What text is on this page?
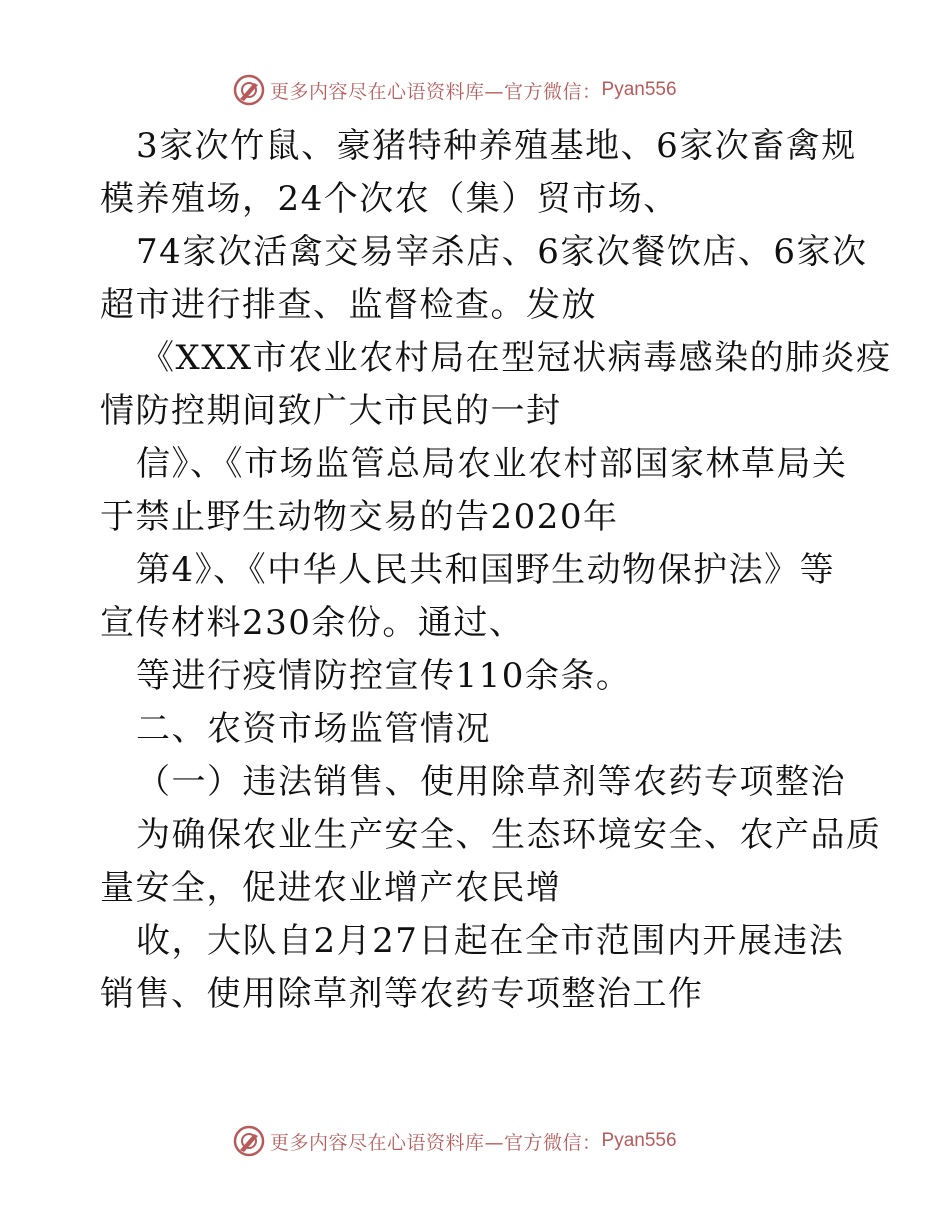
更多内容尽在心语资料库—官方微信： Pyan556
3家次竹鼠、豪猪特种养殖基地、6家次畜禽规
模养殖场，24个次农（集）贸市场、
74家次活禽交易宰杀店、6家次餐饮店、6家次
超市进行排查、监督检查。发放
《XXX市农业农村局在型冠状病毒感染的肺炎疫
情防控期间致广大市民的一封
信》、《市场监管总局农业农村部国家林草局关
于禁止野生动物交易的告2020年
第4》、《中华人民共和国野生动物保护法》等
宣传材料230余份。通过、
等进行疫情防控宣传110余条。
二、农资市场监管情况
（一）违法销售、使用除草剂等农药专项整治
为确保农业生产安全、生态环境安全、农产品质
量安全，促进农业增产农民增
收，大队自2月27日起在全市范围内开展违法
销售、使用除草剂等农药专项整治工作
更多内容尽在心语资料库—官方微信： Pyan556
